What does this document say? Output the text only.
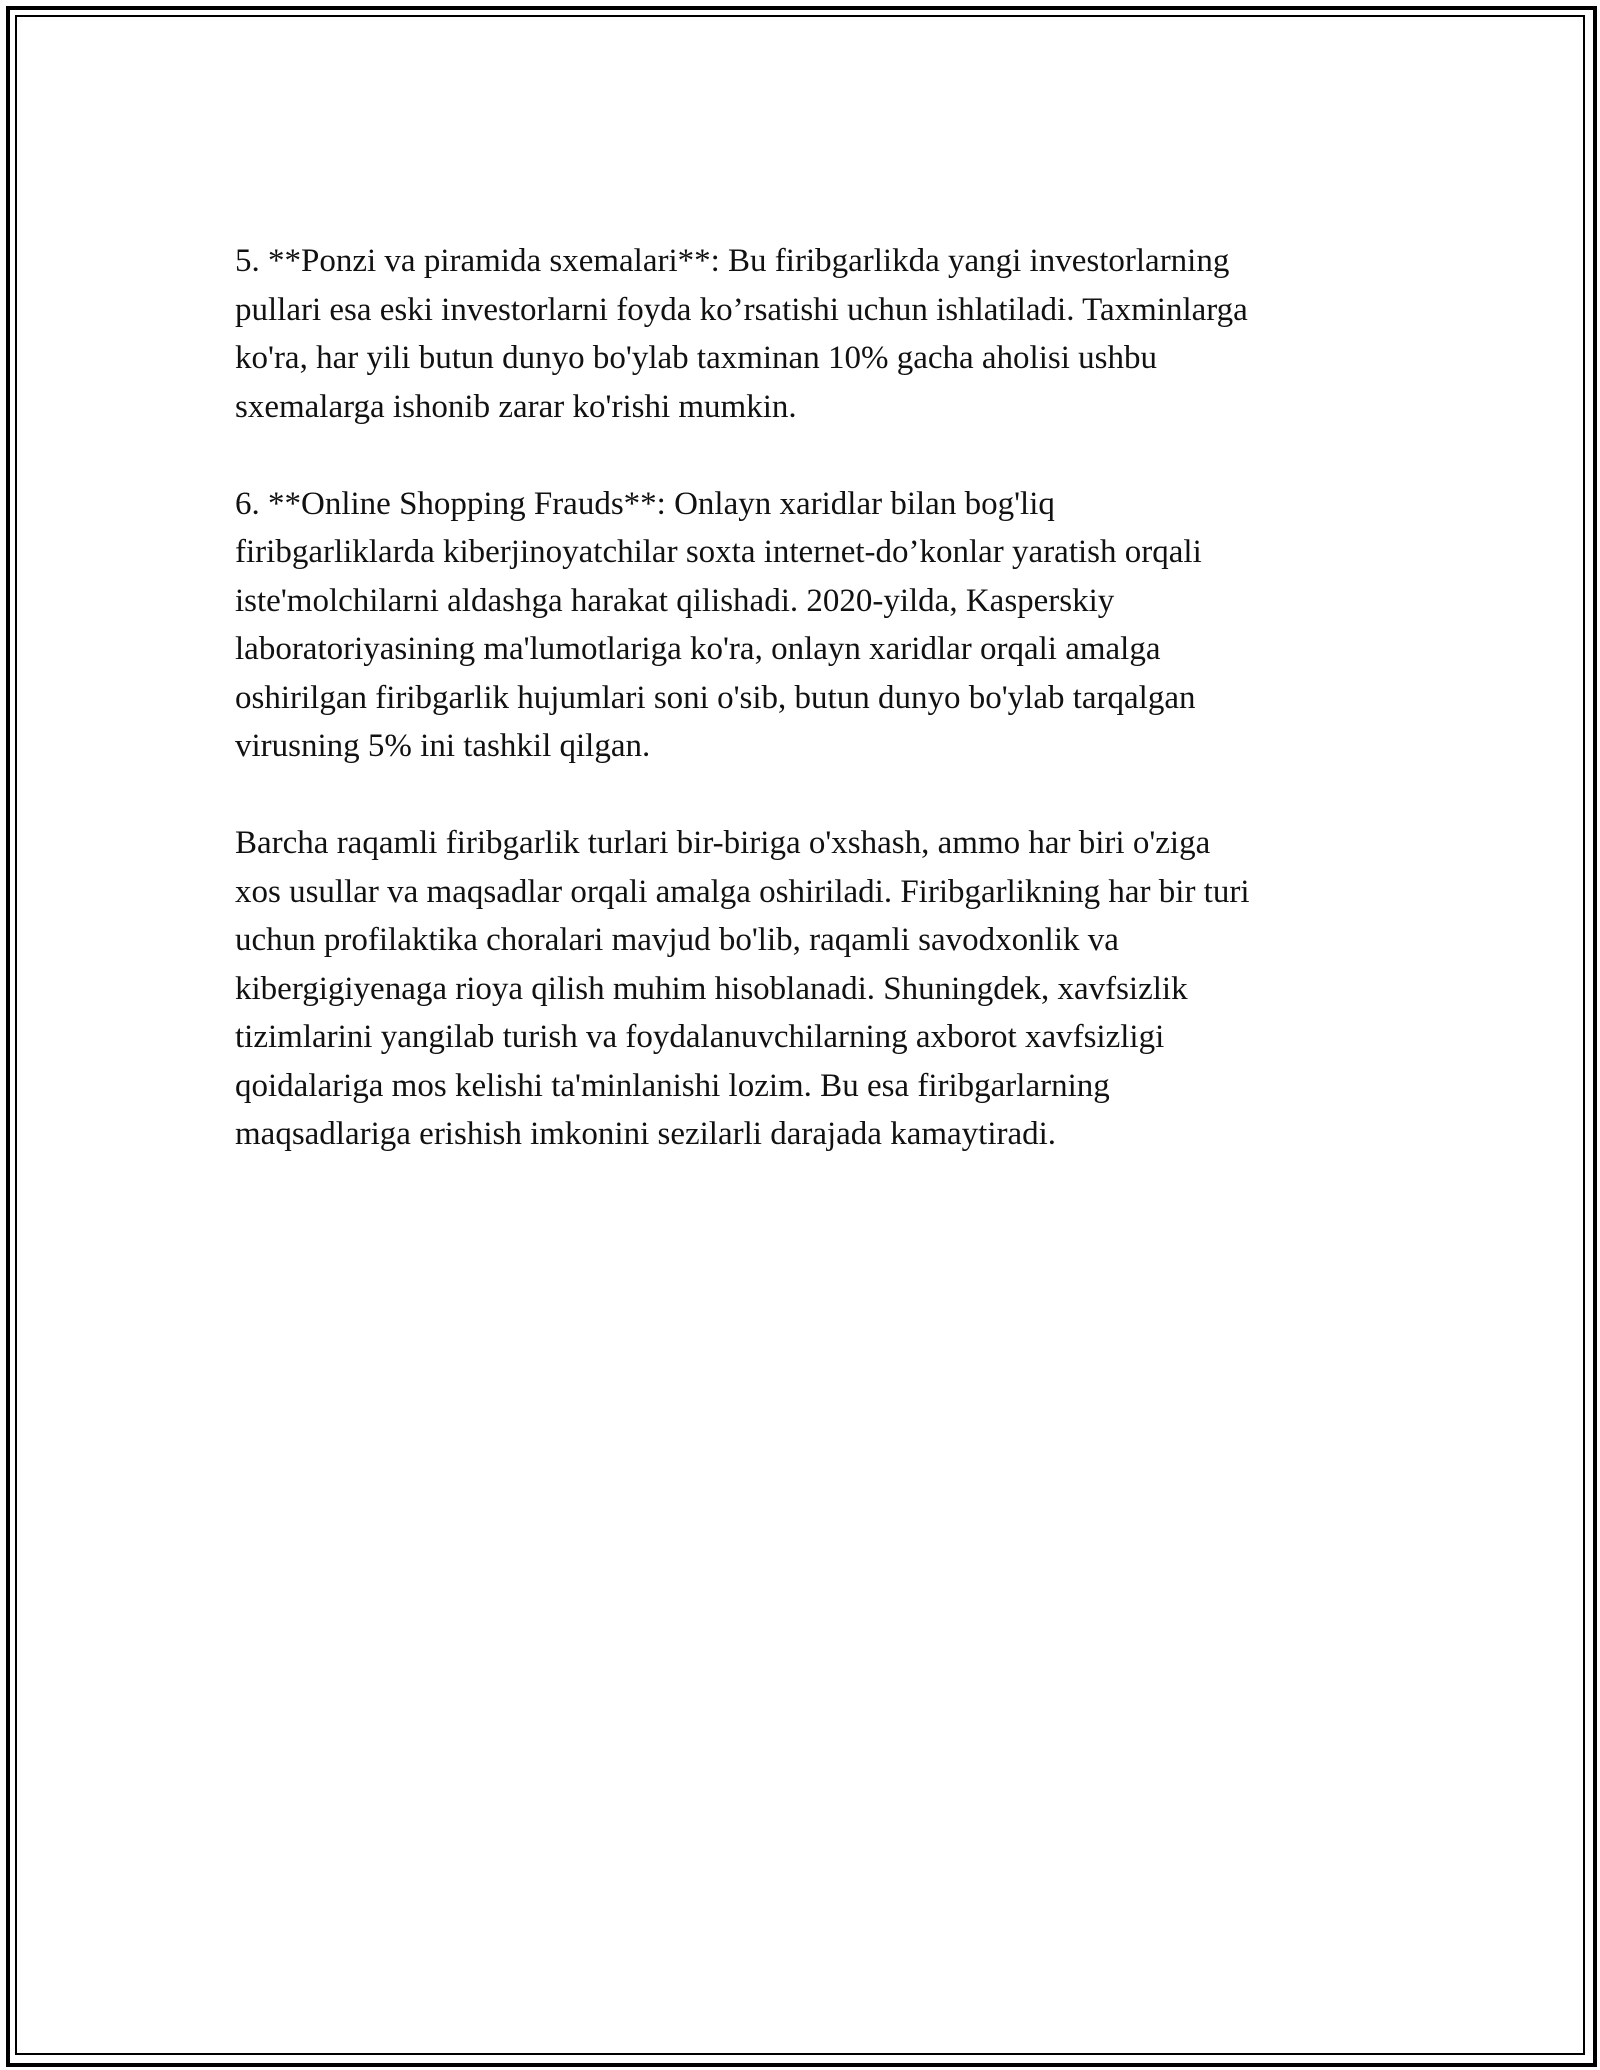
5. **Ponzi va piramida sxemalari**: Bu firibgarlikda yangi investorlarning
pullari esa eski investorlarni foyda ko’rsatishi uchun ishlatiladi. Taxminlarga
ko'ra, har yili butun dunyo bo'ylab taxminan 10% gacha aholisi ushbu
sxemalarga ishonib zarar ko'rishi mumkin.

6. **Online Shopping Frauds**: Onlayn xaridlar bilan bog'liq
firibgarliklarda kiberjinoyatchilar soxta internet-do’konlar yaratish orqali
iste'molchilarni aldashga harakat qilishadi. 2020-yilda, Kasperskiy
laboratoriyasining ma'lumotlariga ko'ra, onlayn xaridlar orqali amalga
oshirilgan firibgarlik hujumlari soni o'sib, butun dunyo bo'ylab tarqalgan
virusning 5% ini tashkil qilgan.

Barcha raqamli firibgarlik turlari bir-biriga o'xshash, ammo har biri o'ziga
xos usullar va maqsadlar orqali amalga oshiriladi. Firibgarlikning har bir turi
uchun profilaktika choralari mavjud bo'lib, raqamli savodxonlik va
kibergigiyenaga rioya qilish muhim hisoblanadi. Shuningdek, xavfsizlik
tizimlarini yangilab turish va foydalanuvchilarning axborot xavfsizligi
qoidalariga mos kelishi ta'minlanishi lozim. Bu esa firibgarlarning
maqsadlariga erishish imkonini sezilarli darajada kamaytiradi.
